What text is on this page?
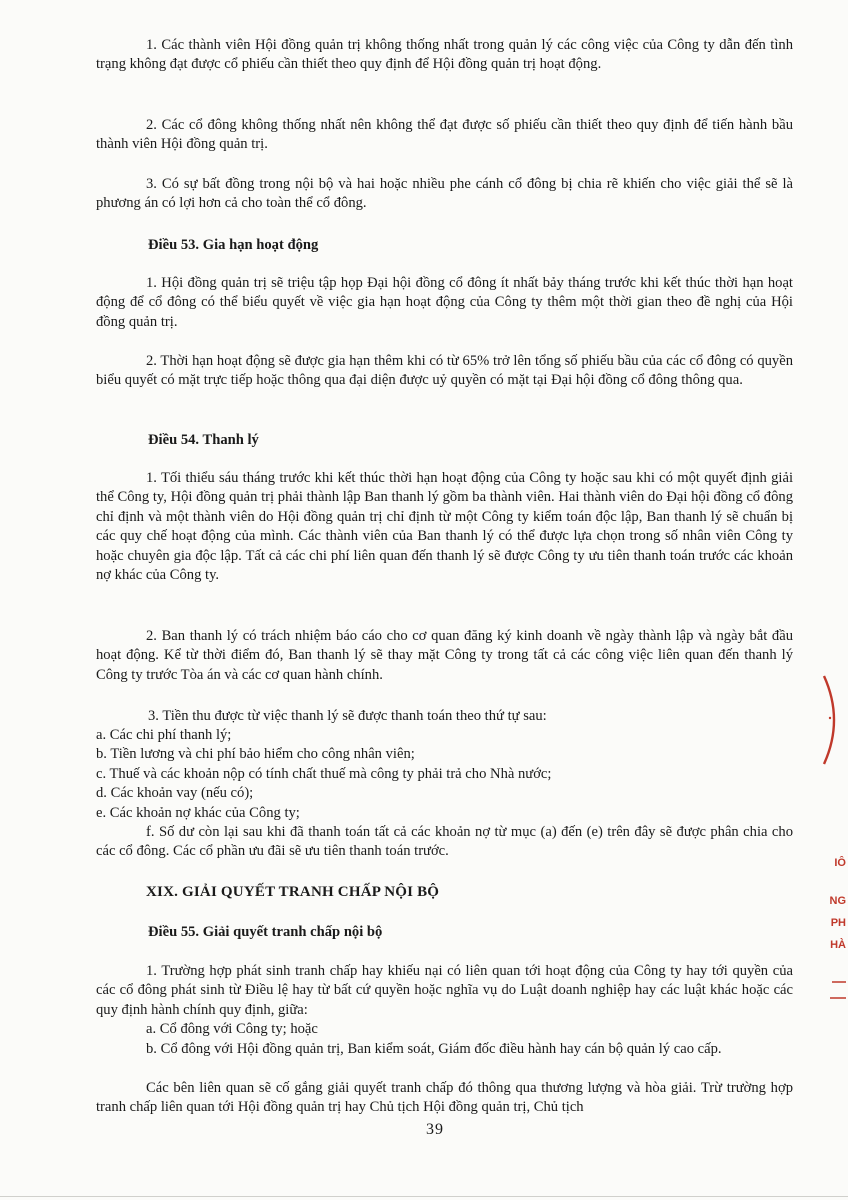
1. Các thành viên Hội đồng quản trị không thống nhất trong quản lý các công việc của Công ty dẫn đến tình trạng không đạt được cổ phiếu cần thiết theo quy định để Hội đồng quản trị hoạt động.

2. Các cổ đông không thống nhất nên không thể đạt được số phiếu cần thiết theo quy định để tiến hành bầu thành viên Hội đồng quản trị.

3. Có sự bất đồng trong nội bộ và hai hoặc nhiều phe cánh cổ đông bị chia rẽ khiến cho việc giải thể sẽ là phương án có lợi hơn cả cho toàn thể cổ đông.

Điều 53. Gia hạn hoạt động

1. Hội đồng quản trị sẽ triệu tập họp Đại hội đồng cổ đông ít nhất bảy tháng trước khi kết thúc thời hạn hoạt động để cổ đông có thể biểu quyết về việc gia hạn hoạt động của Công ty thêm một thời gian theo đề nghị của Hội đồng quản trị.

2. Thời hạn hoạt động sẽ được gia hạn thêm khi có từ 65% trở lên tổng số phiếu bầu của các cổ đông có quyền biểu quyết có mặt trực tiếp hoặc thông qua đại diện được uỷ quyền có mặt tại Đại hội đồng cổ đông thông qua.

Điều 54. Thanh lý

1. Tối thiểu sáu tháng trước khi kết thúc thời hạn hoạt động của Công ty hoặc sau khi có một quyết định giải thể Công ty, Hội đồng quản trị phải thành lập Ban thanh lý gồm ba thành viên. Hai thành viên do Đại hội đồng cổ đông chỉ định và một thành viên do Hội đồng quản trị chỉ định từ một Công ty kiểm toán độc lập, Ban thanh lý sẽ chuẩn bị các quy chế hoạt động của mình. Các thành viên của Ban thanh lý có thể được lựa chọn trong số nhân viên Công ty hoặc chuyên gia độc lập. Tất cả các chi phí liên quan đến thanh lý sẽ được Công ty ưu tiên thanh toán trước các khoản nợ khác của Công ty.

2. Ban thanh lý có trách nhiệm báo cáo cho cơ quan đăng ký kinh doanh về ngày thành lập và ngày bắt đầu hoạt động. Kể từ thời điểm đó, Ban thanh lý sẽ thay mặt Công ty trong tất cả các công việc liên quan đến thanh lý Công ty trước Tòa án và các cơ quan hành chính.

3. Tiền thu được từ việc thanh lý sẽ được thanh toán theo thứ tự sau:

a. Các chi phí thanh lý;

b. Tiền lương và chi phí bảo hiểm cho công nhân viên;

c. Thuế và các khoản nộp có tính chất thuế mà công ty phải trả cho Nhà nước;

d. Các khoản vay (nếu có);

e. Các khoản nợ khác của Công ty;

f. Số dư còn lại sau khi đã thanh toán tất cả các khoản nợ từ mục (a) đến (e) trên đây sẽ được phân chia cho các cổ đông. Các cổ phần ưu đãi sẽ ưu tiên thanh toán trước.

XIX. GIẢI QUYẾT TRANH CHẤP NỘI BỘ
Điều 55. Giải quyết tranh chấp nội bộ

1. Trường hợp phát sinh tranh chấp hay khiếu nại có liên quan tới hoạt động của Công ty hay tới quyền của các cổ đông phát sinh từ Điều lệ hay từ bất cứ quyền hoặc nghĩa vụ do Luật doanh nghiệp hay các luật khác hoặc các quy định hành chính quy định, giữa:

a. Cổ đông với Công ty; hoặc

b. Cổ đông với Hội đồng quản trị, Ban kiểm soát, Giám đốc điều hành hay cán bộ quản lý cao cấp.

Các bên liên quan sẽ cố gắng giải quyết tranh chấp đó thông qua thương lượng và hòa giải. Trừ trường hợp tranh chấp liên quan tới Hội đồng quản trị hay Chủ tịch Hội đồng quản trị, Chủ tịch

39

IÔ
NG
PH
HÀ
